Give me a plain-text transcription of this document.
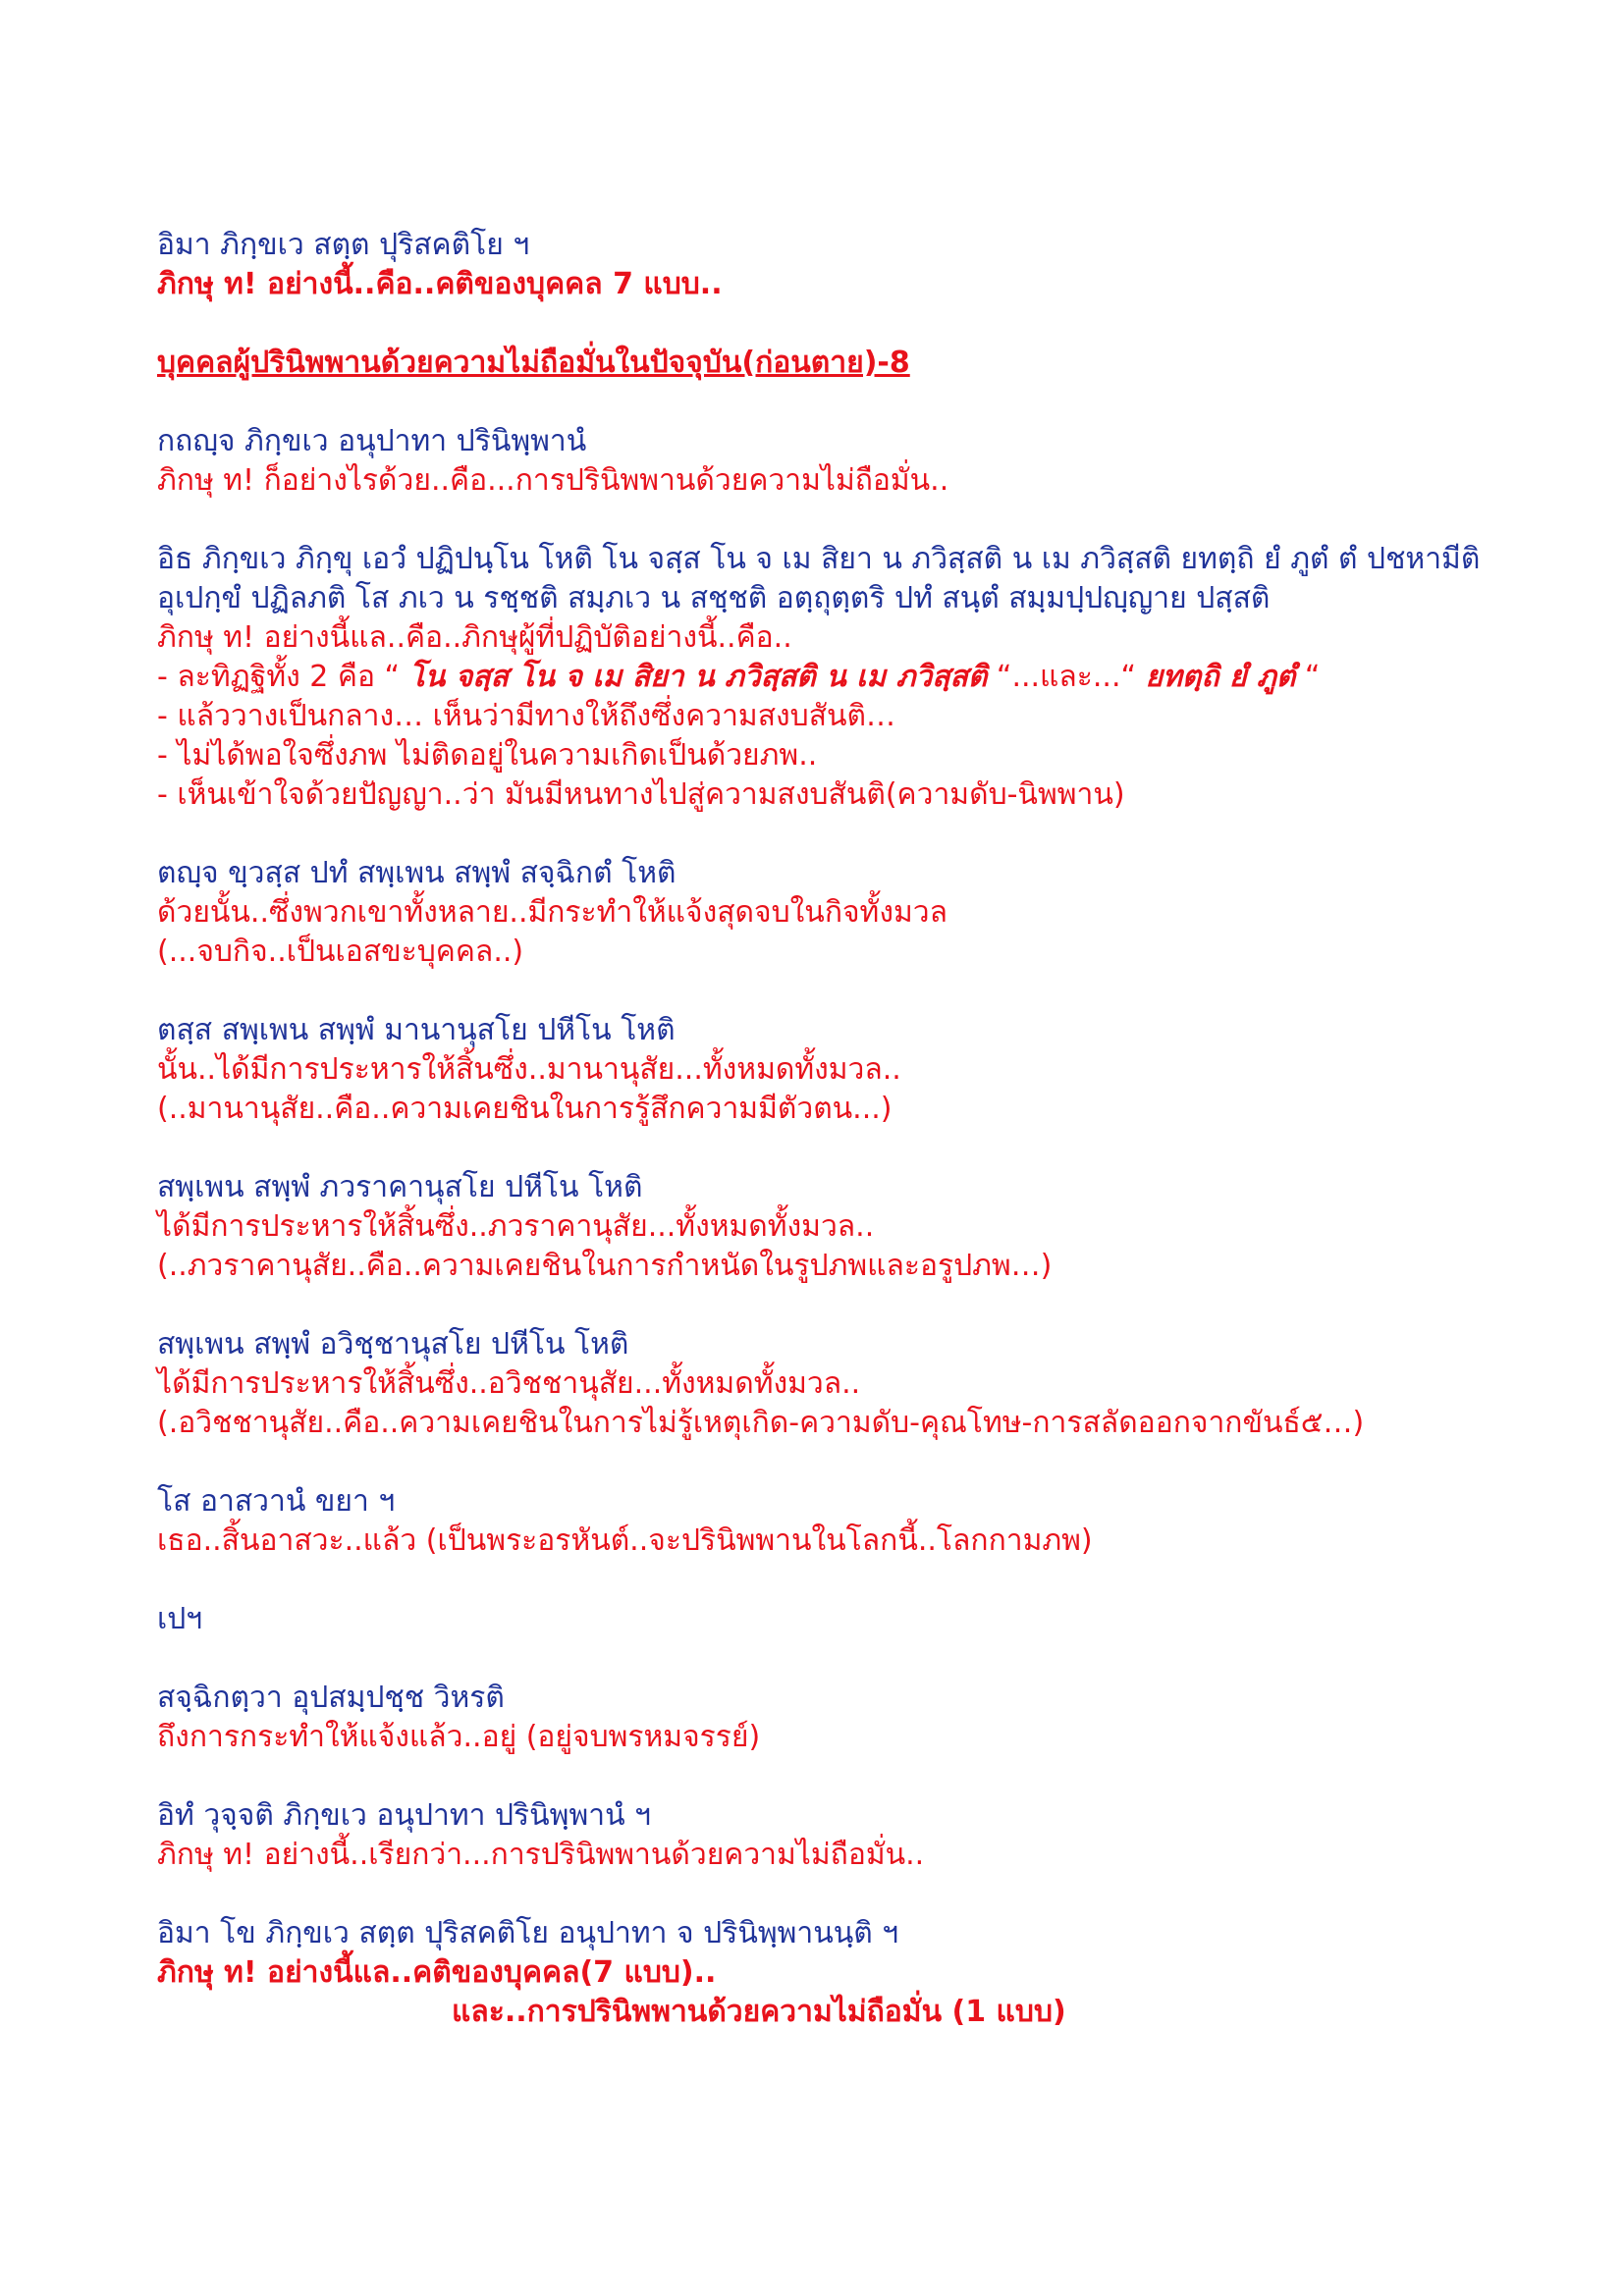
อิมา ภิกฺขเว สตฺต ปุริสคติโย ฯ
ภิกษุ ท! อย่างนี้..คือ..คติของบุคคล 7 แบบ..
บุคคลผู้ปรินิพพานด้วยความไม่ถือมั่นในปัจจุบัน(ก่อนตาย)-8
กถญฺจ ภิกฺขเว อนุปาทา ปรินิพฺพานํ
ภิกษุ ท! ก็อย่างไรด้วย..คือ...การปรินิพพานด้วยความไม่ถือมั่น..
อิธ ภิกฺขเว ภิกฺขุ เอวํ ปฏิปนฺโน โหติ โน จสฺส โน จ เม สิยา น ภวิสฺสติ น เม ภวิสฺสติ ยทตฺถิ ยํ ภูตํ ตํ ปชหามีติ
อุเปกฺขํ ปฏิลภติ โส ภเว น รชฺชติ สมฺภเว น สชฺชติ อตฺถุตฺตริ ปทํ สนฺตํ สมฺมปฺปญฺญาย ปสฺสติ
ภิกษุ ท! อย่างนี้แล..คือ..ภิกษุผู้ที่ปฏิบัติอย่างนี้..คือ..
- ละทิฏฐิทั้ง 2 คือ “ โน จสฺส โน จ เม สิยา น ภวิสฺสติ น เม ภวิสฺสติ “...และ...“ ยทตฺถิ ยํ ภูตํ “
- แล้ววางเป็นกลาง… เห็นว่ามีทางให้ถึงซึ่งความสงบสันติ…
- ไม่ได้พอใจซึ่งภพ ไม่ติดอยู่ในความเกิดเป็นด้วยภพ..
- เห็นเข้าใจด้วยปัญญา..ว่า มันมีหนทางไปสู่ความสงบสันติ(ความดับ-นิพพาน)
ตญฺจ ขฺวสฺส ปทํ สพฺเพน สพฺพํ สจฺฉิกตํ โหติ
ด้วยนั้น..ซึ่งพวกเขาทั้งหลาย..มีกระทำให้แจ้งสุดจบในกิจทั้งมวล
(...จบกิจ..เป็นเอสขะบุคคล..)
ตสฺส สพฺเพน สพฺพํ มานานุสโย ปหีโน โหติ
นั้น..ได้มีการประหารให้สิ้นซึ่ง..มานานุสัย...ทั้งหมดทั้งมวล..
(..มานานุสัย..คือ..ความเคยชินในการรู้สึกความมีตัวตน...)
สพฺเพน สพฺพํ ภวราคานุสโย ปหีโน โหติ
ได้มีการประหารให้สิ้นซึ่ง..ภวราคานุสัย...ทั้งหมดทั้งมวล..
(..ภวราคานุสัย..คือ..ความเคยชินในการกำหนัดในรูปภพและอรูปภพ…)
สพฺเพน สพฺพํ อวิชฺชานุสโย ปหีโน โหติ
ได้มีการประหารให้สิ้นซึ่ง..อวิชชานุสัย...ทั้งหมดทั้งมวล..
(.อวิชชานุสัย..คือ..ความเคยชินในการไม่รู้เหตุเกิด-ความดับ-คุณโทษ-การสลัดออกจากขันธ์๕…)
โส อาสวานํ ขยา ฯ
เธอ..สิ้นอาสวะ..แล้ว (เป็นพระอรหันต์..จะปรินิพพานในโลกนี้..โลกกามภพ)
เปฯ
สจฺฉิกตฺวา อุปสมฺปชฺช วิหรติ
ถึงการกระทำให้แจ้งแล้ว..อยู่ (อยู่จบพรหมจรรย์)
อิทํ วุจฺจติ ภิกฺขเว อนุปาทา ปรินิพฺพานํ ฯ
ภิกษุ ท! อย่างนี้..เรียกว่า...การปรินิพพานด้วยความไม่ถือมั่น..
อิมา โข ภิกฺขเว สตฺต ปุริสคติโย อนุปาทา จ ปรินิพฺพานนฺติ ฯ
ภิกษุ ท! อย่างนี้แล..คติของบุคคล(7 แบบ)..
และ..การปรินิพพานด้วยความไม่ถือมั่น (1 แบบ)
